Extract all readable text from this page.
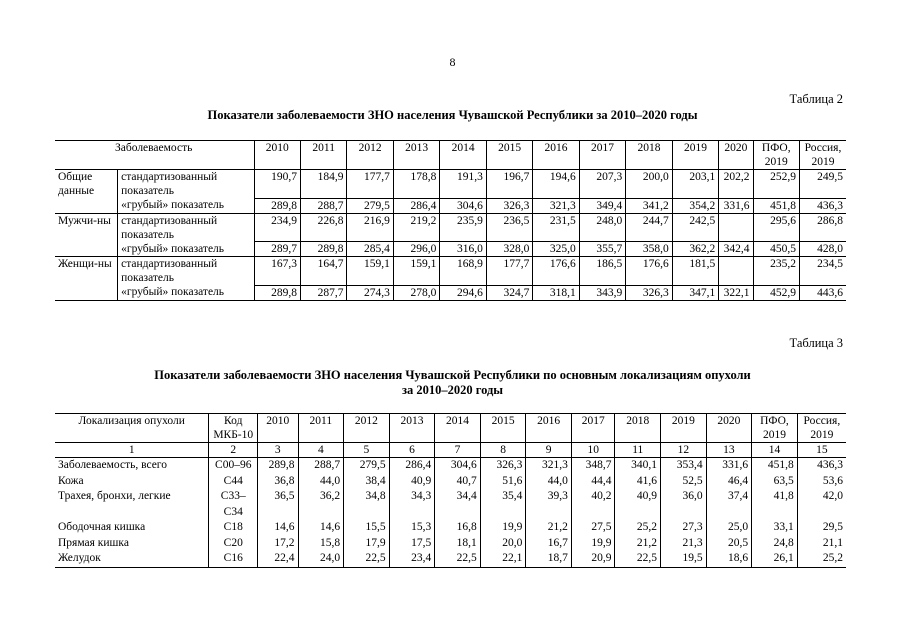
8
Таблица 2
Показатели заболеваемости ЗНО населения Чувашской Республики за 2010–2020 годы
Заболеваемость		2010	2011	2012	2013	2014	2015	2016	2017	2018	2019	2020	ПФО, 2019	Россия, 2019
Общие данные	стандартизованный показатель	190,7	184,9	177,7	178,8	191,3	196,7	194,6	207,3	200,0	203,1	202,2	252,9	249,5
	«грубый» показатель	289,8	288,7	279,5	286,4	304,6	326,3	321,3	349,4	341,2	354,2	331,6	451,8	436,3
Мужчи-ны	стандартизованный показатель	234,9	226,8	216,9	219,2	235,9	236,5	231,5	248,0	244,7	242,5		295,6	286,8
	«грубый» показатель	289,7	289,8	285,4	296,0	316,0	328,0	325,0	355,7	358,0	362,2	342,4	450,5	428,0
Женщи-ны	стандартизованный показатель	167,3	164,7	159,1	159,1	168,9	177,7	176,6	186,5	176,6	181,5		235,2	234,5
	«грубый» показатель	289,8	287,7	274,3	278,0	294,6	324,7	318,1	343,9	326,3	347,1	322,1	452,9	443,6
Таблица 3
Показатели заболеваемости ЗНО населения Чувашской Республики по основным локализациям опухоли
за 2010–2020 годы
Локализация опухоли	Код МКБ-10	2010	2011	2012	2013	2014	2015	2016	2017	2018	2019	2020	ПФО, 2019	Россия, 2019
1	2	3	4	5	6	7	8	9	10	11	12	13	14	15
Заболеваемость, всего	С00–96	289,8	288,7	279,5	286,4	304,6	326,3	321,3	348,7	340,1	353,4	331,6	451,8	436,3
Кожа	С44	36,8	44,0	38,4	40,9	40,7	51,6	44,0	44,4	41,6	52,5	46,4	63,5	53,6
Трахея, бронхи, легкие	С33–С34	36,5	36,2	34,8	34,3	34,4	35,4	39,3	40,2	40,9	36,0	37,4	41,8	42,0
Ободочная кишка	С18	14,6	14,6	15,5	15,3	16,8	19,9	21,2	27,5	25,2	27,3	25,0	33,1	29,5
Прямая кишка	С20	17,2	15,8	17,9	17,5	18,1	20,0	16,7	19,9	21,2	21,3	20,5	24,8	21,1
Желудок	С16	22,4	24,0	22,5	23,4	22,5	22,1	18,7	20,9	22,5	19,5	18,6	26,1	25,2
